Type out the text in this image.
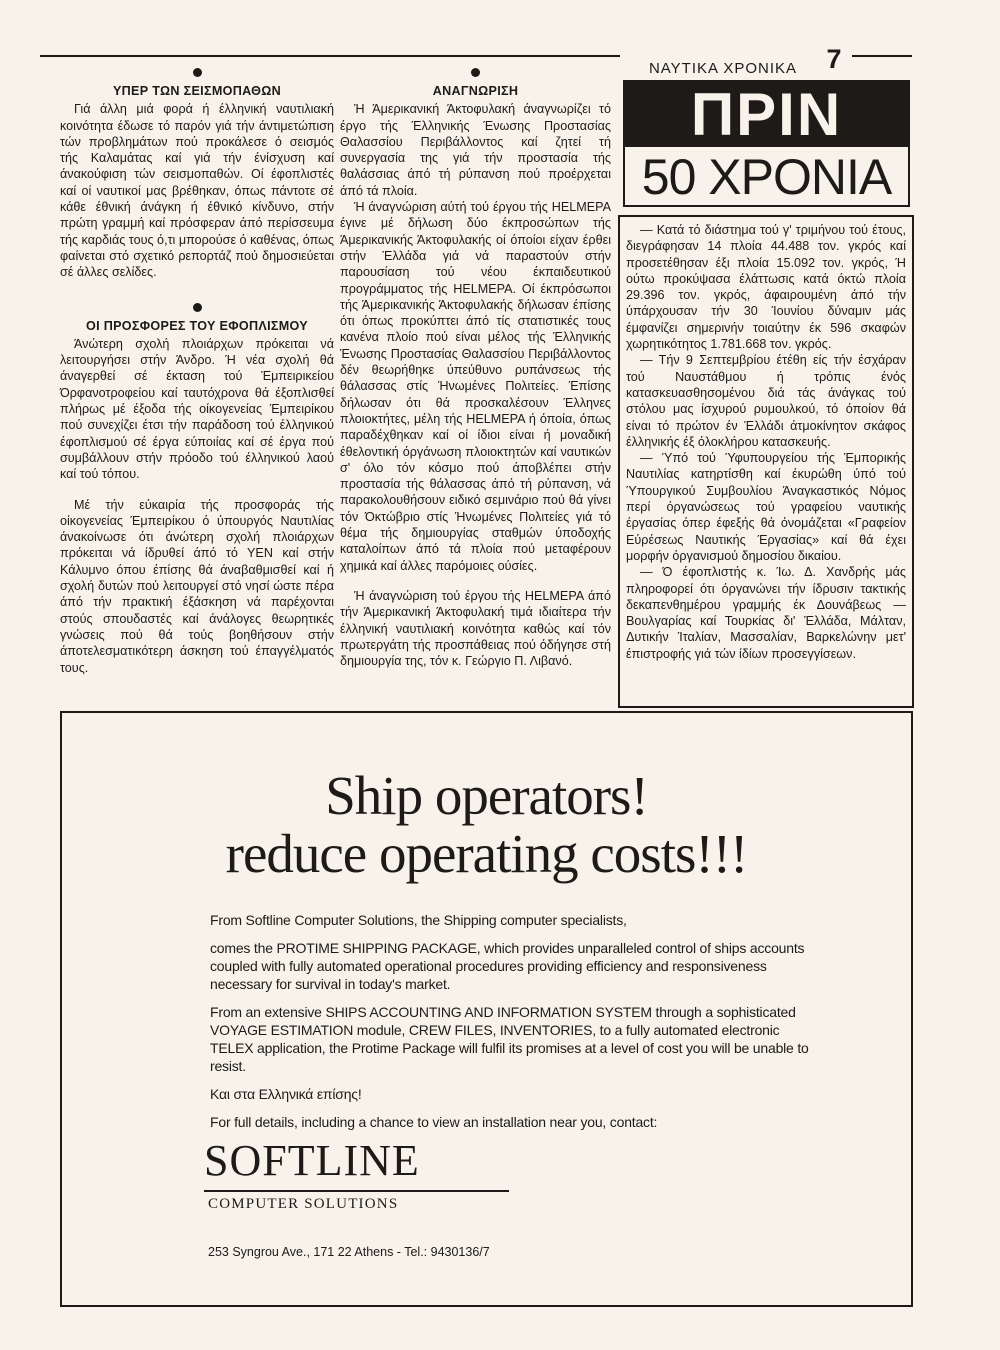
ΝΑΥΤΙΚΑ ΧΡΟΝΙΚΑ	7
ΥΠΕΡ ΤΩΝ ΣΕΙΣΜΟΠΑΘΩΝ

Γιά άλλη μιά φορά ή έλληνική ναυτιλιακή κοινότητα έδωσε τό παρόν γιά τήν άντιμετώπιση τών προβλημάτων πού προκάλεσε ό σεισμός τής Καλαμάτας καί γιά τήν ένίσχυση καί άνακούφιση τών σεισμοπαθών. Οί έφοπλιστές καί οί ναυτικοί μας βρέθηκαν, όπως πάντοτε σέ κάθε έθνική άνάγκη ή έθνικό κίνδυνο, στήν πρώτη γραμμή καί πρόσφεραν άπό περίσσευμα τής καρδιάς τους ό,τι μπορούσε ό καθένας, όπως φαίνεται στό σχετικό ρεπορτάζ πού δημοσιεύεται σέ άλλες σελίδες.

ΟΙ ΠΡΟΣΦΟΡΕΣ ΤΟΥ ΕΦΟΠΛΙΣΜΟΥ

Άνώτερη σχολή πλοιάρχων πρόκειται νά λειτουργήσει στήν Άνδρο. Ή νέα σχολή θά άναγερθεί σέ έκταση τού Έμπειρικείου Όρφανοτροφείου καί ταυτόχρονα θά έξοπλισθεί πλήρως μέ έξοδα τής οίκογενείας Έμπειρίκου πού συνεχίζει έτσι τήν παράδοση τού έλληνικού έφοπλισμού σέ έργα εύποιίας καί σέ έργα πού συμβάλλουν στήν πρόοδο τού έλληνικού λαού καί τού τόπου.

Μέ τήν εύκαιρία τής προσφοράς τής οίκογενείας Έμπειρίκου ό ύπουργός Ναυτιλίας άνακοίνωσε ότι άνώτερη σχολή πλοιάρχων πρόκειται νά ίδρυθεί άπό τό ΥΕΝ καί στήν Κάλυμνο όπου έπίσης θά άναβαθμισθεί καί ή σχολή δυτών πού λειτουργεί στό νησί ώστε πέρα άπό τήν πρακτική έξάσκηση νά παρέχονται στούς σπουδαστές καί άνάλογες θεωρητικές γνώσεις πού θά τούς βοηθήσουν στήν άποτελεσματικότερη άσκηση τού έπαγγέλματός τους.

ΑΝΑΓΝΩΡΙΣΗ

Ή Άμερικανική Άκτοφυλακή άναγνωρίζει τό έργο τής Έλληνικής Ένωσης Προστασίας Θαλασσίου Περιβάλλοντος καί ζητεί τή συνεργασία της γιά τήν προστασία τής θαλάσσιας άπό τή ρύπανση πού προέρχεται άπό τά πλοία.

Ή άναγνώριση αύτή τού έργου τής HELMEPA έγινε μέ δήλωση δύο έκπροσώπων τής Άμερικανικής Άκτοφυλακής οί όποίοι είχαν έρθει στήν Έλλάδα γιά νά παραστούν στήν παρουσίαση τού νέου έκπαιδευτικού προγράμματος τής HELMEPA. Οί έκπρόσωποι τής Άμερικανικής Άκτοφυλακής δήλωσαν έπίσης ότι όπως προκύπτει άπό τίς στατιστικές τους κανένα πλοίο πού είναι μέλος τής Έλληνικής Ένωσης Προστασίας Θαλασσίου Περιβάλλοντος δέν θεωρήθηκε ύπεύθυνο ρυπάνσεως τής θάλασσας στίς Ήνωμένες Πολιτείες. Έπίσης δήλωσαν ότι θά προσκαλέσουν Έλληνες πλοιοκτήτες, μέλη τής HELMEPA ή όποία, όπως παραδέχθηκαν καί οί ίδιοι είναι ή μοναδική έθελοντική όργάνωση πλοιοκτητών καί ναυτικών σ' όλο τόν κόσμο πού άποβλέπει στήν προστασία τής θάλασσας άπό τή ρύπανση, νά παρακολουθήσουν ειδικό σεμινάριο πού θά γίνει τόν Όκτώβριο στίς Ήνωμένες Πολιτείες γιά τό θέμα τής δημιουργίας σταθμών ύποδοχής καταλοίπων άπό τά πλοία πού μεταφέρουν χημικά καί άλλες παρόμοιες ούσίες.

Ή άναγνώριση τού έργου τής HELMEPA άπό τήν Άμερικανική Άκτοφυλακή τιμά ιδιαίτερα τήν έλληνική ναυτιλιακή κοινότητα καθώς καί τόν πρωτεργάτη τής προσπάθειας πού όδήγησε στή δημιουργία της, τόν κ. Γεώργιο Π. Λιβανό.

ΠΡΙΝ
50 ΧΡΟΝΙΑ

— Κατά τό διάστημα τού γ' τριμήνου τού έτους, διεγράφησαν 14 πλοία 44.488 τον. γκρός καί προσετέθησαν έξι πλοία 15.092 τον. γκρός, Ή ούτω προκύψασα έλάττωσις κατά όκτώ πλοία 29.396 τον. γκρός, άφαιρουμένη άπό τήν ύπάρχουσαν τήν 30 Ίουνίου δύναμιν μάς έμφανίζει σημερινήν τοιαύτην έκ 596 σκαφών χωρητικότητος 1.781.668 τον. γκρός.

— Τήν 9 Σεπτεμβρίου έτέθη είς τήν έσχάραν τού Ναυστάθμου ή τρόπις ένός κατασκευασθησομένου διά τάς άνάγκας τού στόλου μας ίσχυρού ρυμουλκού, τό όποίον θά είναι τό πρώτον έν Έλλάδι άτμοκίνητον σκάφος έλληνικής έξ όλοκλήρου κατασκευής.

— Ύπό τού Ύφυπουργείου τής Έμπορικής Ναυτιλίας κατηρτίσθη καί έκυρώθη ύπό τού Ύπουργικού Συμβουλίου Άναγκαστικός Νόμος περί όργανώσεως τού γραφείου ναυτικής έργασίας όπερ έφεξής θά όνομάζεται «Γραφείον Εύρέσεως Ναυτικής Έργασίας» καί θά έχει μορφήν όργανισμού δημοσίου δικαίου.

— Ό έφοπλιστής κ. Ίω. Δ. Χανδρής μάς πληροφορεί ότι όργανώνει τήν ίδρυσιν τακτικής δεκαπενθημέρου γραμμής έκ Δουνάβεως — Βουλγαρίας καί Τουρκίας δι' Έλλάδα, Μάλταν, Δυτικήν Ίταλίαν, Μασσαλίαν, Βαρκελώνην μετ' έπιστροφής γιά τών ίδίων προσεγγίσεων.

Ship operators!
reduce operating costs!!!

From Softline Computer Solutions, the Shipping computer specialists,

comes the PROTIME SHIPPING PACKAGE, which provides unparalleled control of ships accounts coupled with fully automated operational procedures providing efficiency and responsiveness necessary for survival in today's market.

From an extensive SHIPS ACCOUNTING AND INFORMATION SYSTEM through a sophisticated VOYAGE ESTIMATION module, CREW FILES, INVENTORIES, to a fully automated electronic TELEX application, the Protime Package will fulfil its promises at a level of cost you will be unable to resist.

Και στα Ελληνικά επίσης!

For full details, including a chance to view an installation near you, contact:

SOFTLINE
COMPUTER SOLUTIONS
253 Syngrou Ave., 171 22 Athens - Tel.: 9430136/7
